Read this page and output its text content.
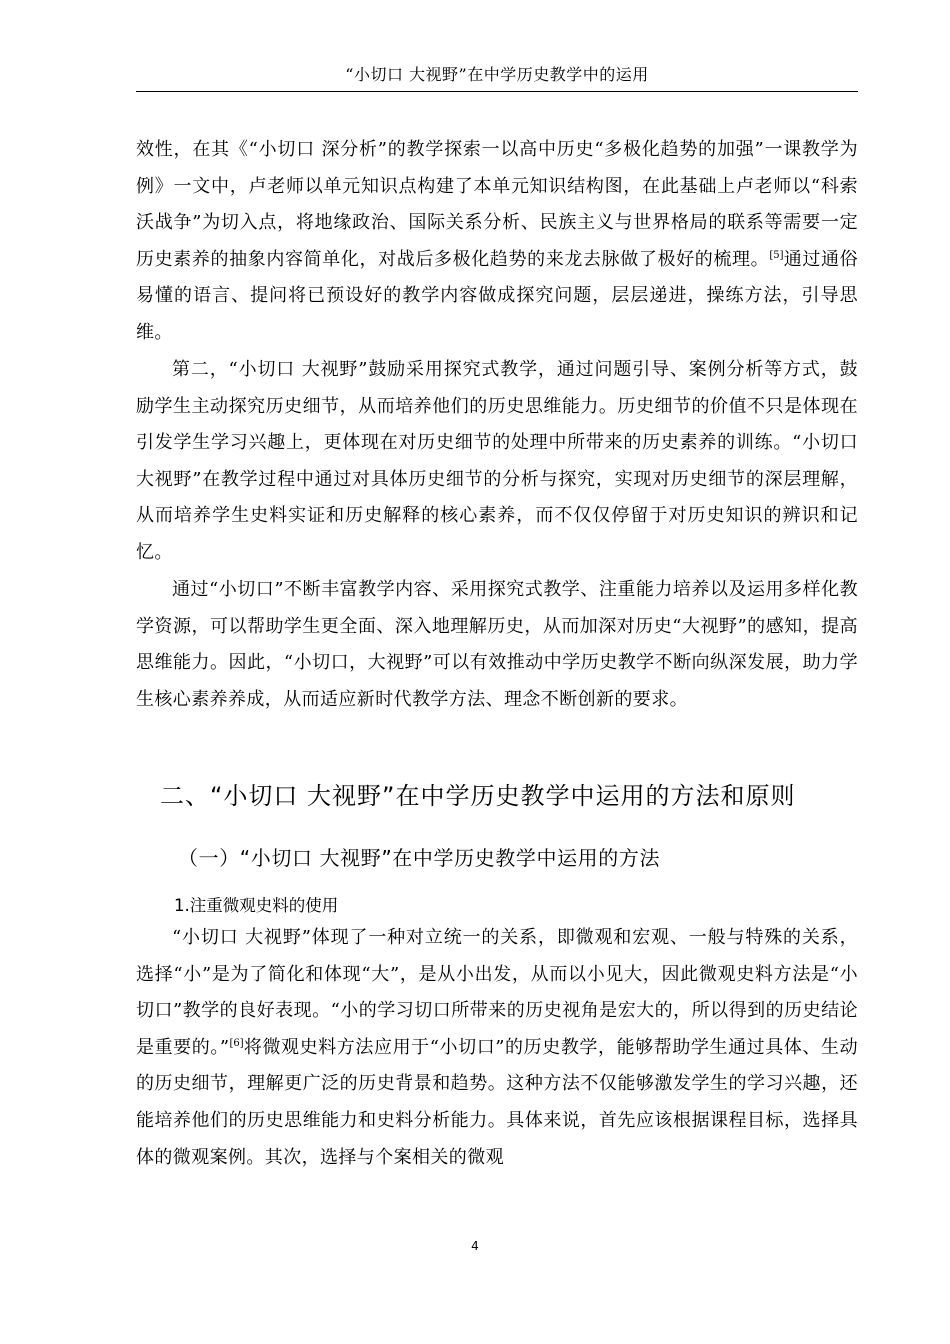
“小切口 大视野”在中学历史教学中的运用

效性，在其《“小切口 深分析”的教学探索一以高中历史“多极化趋势的加强”一课教学为例》一文中，卢老师以单元知识点构建了本单元知识结构图，在此基础上卢老师以“科索沃战争”为切入点，将地缘政治、国际关系分析、民族主义与世界格局的联系等需要一定历史素养的抽象内容简单化，对战后多极化趋势的来龙去脉做了极好的梳理。[5]通过通俗易懂的语言、提问将已预设好的教学内容做成探究问题，层层递进，操练方法，引导思维。

第二，“小切口 大视野”鼓励采用探究式教学，通过问题引导、案例分析等方式，鼓励学生主动探究历史细节，从而培养他们的历史思维能力。历史细节的价值不只是体现在引发学生学习兴趣上，更体现在对历史细节的处理中所带来的历史素养的训练。“小切口 大视野”在教学过程中通过对具体历史细节的分析与探究，实现对历史细节的深层理解，从而培养学生史料实证和历史解释的核心素养，而不仅仅停留于对历史知识的辨识和记忆。

通过“小切口”不断丰富教学内容、采用探究式教学、注重能力培养以及运用多样化教学资源，可以帮助学生更全面、深入地理解历史，从而加深对历史“大视野”的感知，提高思维能力。因此，“小切口，大视野”可以有效推动中学历史教学不断向纵深发展，助力学生核心素养养成，从而适应新时代教学方法、理念不断创新的要求。

二、“小切口 大视野”在中学历史教学中运用的方法和原则
（一）“小切口 大视野”在中学历史教学中运用的方法
1.注重微观史料的使用

“小切口 大视野”体现了一种对立统一的关系，即微观和宏观、一般与特殊的关系，选择“小”是为了简化和体现“大”，是从小出发，从而以小见大，因此微观史料方法是“小切口”教学的良好表现。“小的学习切口所带来的历史视角是宏大的，所以得到的历史结论是重要的。”[6]将微观史料方法应用于“小切口”的历史教学，能够帮助学生通过具体、生动的历史细节，理解更广泛的历史背景和趋势。这种方法不仅能够激发学生的学习兴趣，还能培养他们的历史思维能力和史料分析能力。具体来说，首先应该根据课程目标，选择具体的微观案例。其次，选择与个案相关的微观

4
